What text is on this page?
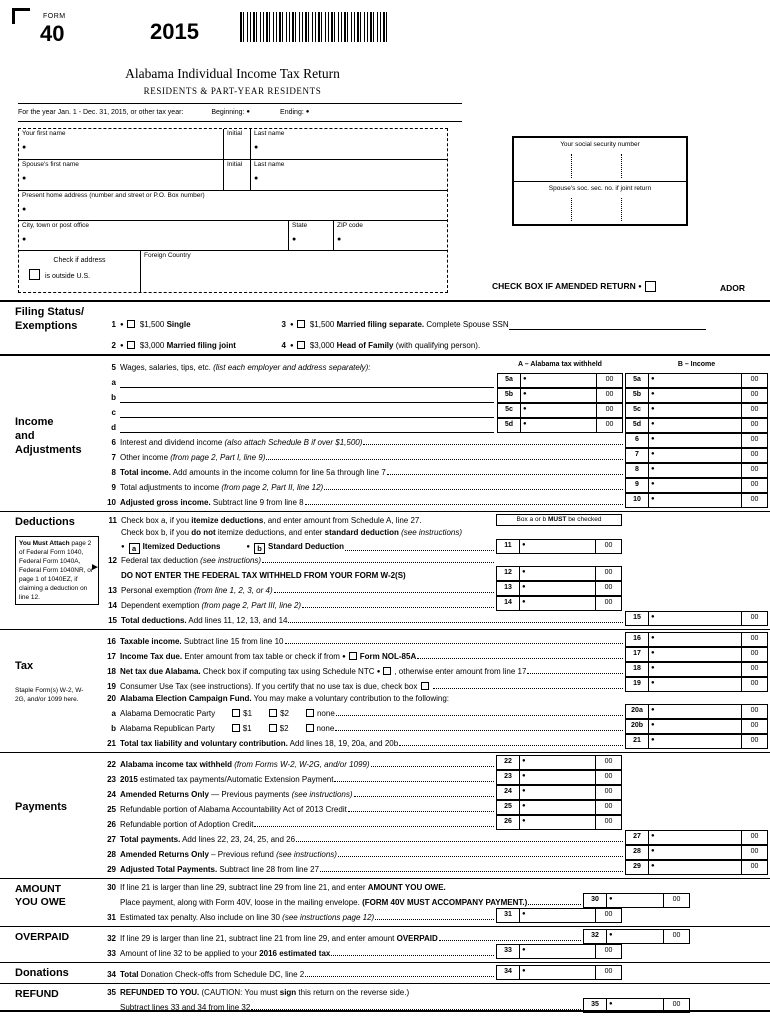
FORM
40	2015
Alabama Individual Income Tax Return
RESIDENTS & PART-YEAR RESIDENTS
For the year Jan. 1 - Dec. 31, 2015, or other tax year:	Beginning: ●	Ending: ●
Your first name
●	Initial	Last name
●
Spouse's first name
●	Initial	Last name
●
Present home address (number and street or P.O. Box number)
●
City, town or post office
●	State
●	ZIP code
●
Check if address
is outside U.S.
Foreign Country
Your social security number
Spouse's soc. sec. no. if joint return
CHECK BOX IF AMENDED RETURN
●	ADOR
Filing Status/
Exemptions	1 ●	$1,500 Single	3 ●	$1,500 Married filing separate. Complete Spouse SSN
2 ●	$3,000 Married filing joint	4 ●	$3,000 Head of Family (with qualifying person).
Income
and
Adjustments
5 Wages, salaries, tips, etc. (list each employer and address separately):	A – Alabama tax withheld	B – Income
a	5a ●	00	5a ●	00
b	5b ●	00	5b ●	00
c	5c ●	00	5c ●	00
d	5d ●	00	5d ●	00
6 Interest and dividend income (also attach Schedule B if over $1,500)	6 ●	00
7 Other income (from page 2, Part I, line 9)	7 ●	00
8 Total income. Add amounts in the income column for line 5a through line 7	8 ●	00
9 Total adjustments to income (from page 2, Part II, line 12)	9 ●	00
10 Adjusted gross income. Subtract line 9 from line 8	10 ●	00
Deductions
You Must Attach page 2 of Federal Form 1040, Federal Form 1040A, Federal Form 1040NR, or page 1 of 1040EZ, if claiming a deduction on line 12.
►
11 Check box a, if you itemize deductions, and enter amount from Schedule A, line 27.	Box a or b MUST be checked
Check box b, if you do not itemize deductions, and enter standard deduction (see instructions)
● a Itemized Deductions ●	b Standard Deduction	11 ●	00
12 Federal tax deduction (see instructions)
DO NOT ENTER THE FEDERAL TAX WITHHELD FROM YOUR FORM W-2(S)	12 ●	00
13 Personal exemption (from line 1, 2, 3, or 4)	13 ●	00
14 Dependent exemption (from page 2, Part III, line 2)	14 ●	00
15 Total deductions. Add lines 11, 12, 13, and 14	15 ●	00
Tax
Staple Form(s) W-2, W-2G, and/or 1099 here.
16 Taxable income. Subtract line 15 from line 10	16 ●	00
17 Income Tax due. Enter amount from tax table or check if from ● Form NOL-85A	17 ●	00
18 Net tax due Alabama. Check box if computing tax using Schedule NTC ● , otherwise enter amount from line 17	18 ●	00
19 Consumer Use Tax (see instructions). If you certify that no use tax is due, check box	19 ●	00
20 Alabama Election Campaign Fund. You may make a voluntary contribution to the following:
a Alabama Democratic Party	$1	$2	none	20a ●	00
b Alabama Republican Party	$1	$2	none	20b ●	00
21 Total tax liability and voluntary contribution. Add lines 18, 19, 20a, and 20b	21 ●	00
Payments
22 Alabama income tax withheld (from Forms W-2, W-2G, and/or 1099)	22 ●	00
23 2015 estimated tax payments/Automatic Extension Payment	23 ●	00
24 Amended Returns Only — Previous payments (see instructions)	24 ●	00
25 Refundable portion of Alabama Accountability Act of 2013 Credit	25 ●	00
26 Refundable portion of Adoption Credit	26 ●	00
27 Total payments. Add lines 22, 23, 24, 25, and 26	27 ●	00
28 Amended Returns Only – Previous refund (see instructions)	28 ●	00
29 Adjusted Total Payments. Subtract line 28 from line 27	29 ●	00
AMOUNT
YOU OWE
30 If line 21 is larger than line 29, subtract line 29 from line 21, and enter AMOUNT YOU OWE.
Place payment, along with Form 40V, loose in the mailing envelope. (FORM 40V MUST ACCOMPANY PAYMENT.)	30 ●	00
31 Estimated tax penalty. Also include on line 30 (see instructions page 12)	31 ●	00
OVERPAID	32 If line 29 is larger than line 21, subtract line 21 from line 29, and enter amount OVERPAID	32 ●	00
33 Amount of line 32 to be applied to your 2016 estimated tax	33 ●	00
Donations	34 Total Donation Check-offs from Schedule DC, line 2	34 ●	00
REFUND	35 REFUNDED TO YOU. (CAUTION: You must sign this return on the reverse side.)
Subtract lines 33 and 34 from line 32	35 ●	00
